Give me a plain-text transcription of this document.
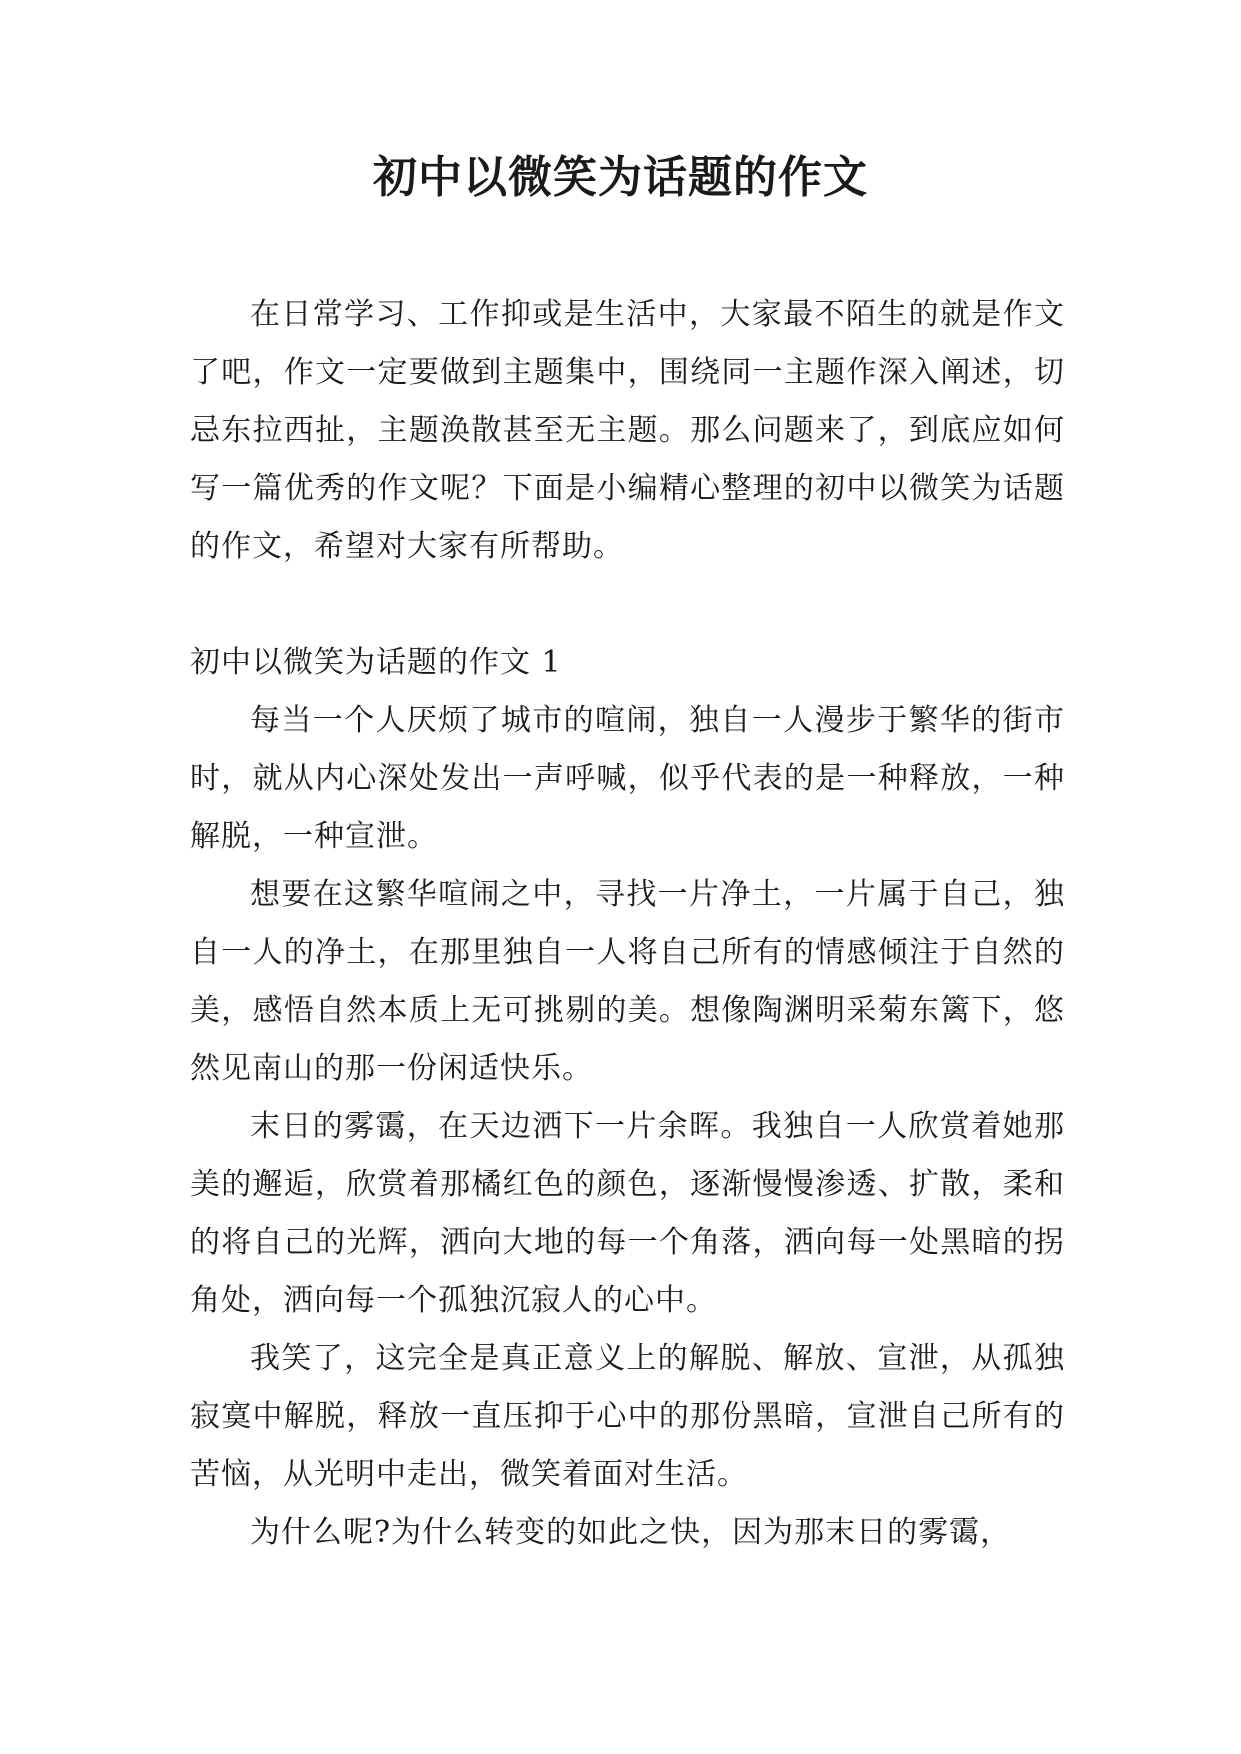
初中以微笑为话题的作文

在日常学习、工作抑或是生活中，大家最不陌生的就是作文了吧，作文一定要做到主题集中，围绕同一主题作深入阐述，切忌东拉西扯，主题涣散甚至无主题。那么问题来了，到底应如何写一篇优秀的作文呢？下面是小编精心整理的初中以微笑为话题的作文，希望对大家有所帮助。

初中以微笑为话题的作文 1

每当一个人厌烦了城市的喧闹，独自一人漫步于繁华的街市时，就从内心深处发出一声呼喊，似乎代表的是一种释放，一种解脱，一种宣泄。

想要在这繁华喧闹之中，寻找一片净土，一片属于自己，独自一人的净土，在那里独自一人将自己所有的情感倾注于自然的美，感悟自然本质上无可挑剔的美。想像陶渊明采菊东篱下，悠然见南山的那一份闲适快乐。

末日的雾霭，在天边洒下一片余晖。我独自一人欣赏着她那美的邂逅，欣赏着那橘红色的颜色，逐渐慢慢渗透、扩散，柔和的将自己的光辉，洒向大地的每一个角落，洒向每一处黑暗的拐角处，洒向每一个孤独沉寂人的心中。

我笑了，这完全是真正意义上的解脱、解放、宣泄，从孤独寂寞中解脱，释放一直压抑于心中的那份黑暗，宣泄自己所有的苦恼，从光明中走出，微笑着面对生活。

为什么呢?为什么转变的如此之快，因为那末日的雾霭，
